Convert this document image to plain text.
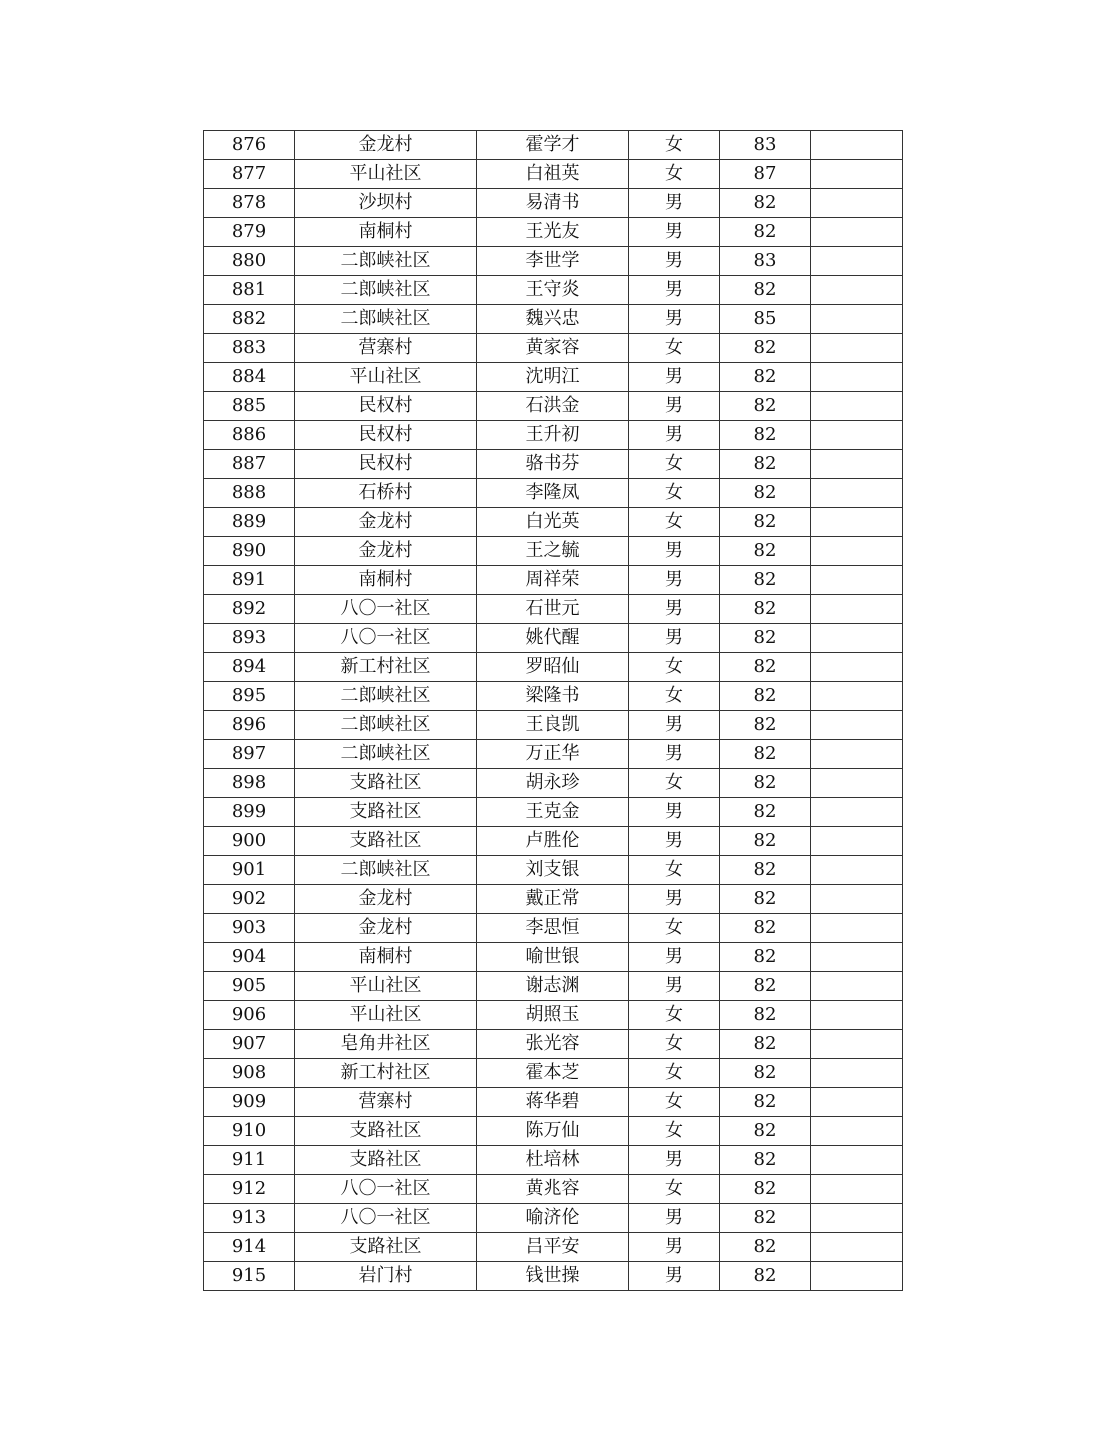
876	金龙村	霍学才	女	83	
877	平山社区	白祖英	女	87	
878	沙坝村	易清书	男	82	
879	南桐村	王光友	男	82	
880	二郎峡社区	李世学	男	83	
881	二郎峡社区	王守炎	男	82	
882	二郎峡社区	魏兴忠	男	85	
883	营寨村	黄家容	女	82	
884	平山社区	沈明江	男	82	
885	民权村	石洪金	男	82	
886	民权村	王升初	男	82	
887	民权村	骆书芬	女	82	
888	石桥村	李隆凤	女	82	
889	金龙村	白光英	女	82	
890	金龙村	王之毓	男	82	
891	南桐村	周祥荣	男	82	
892	八〇一社区	石世元	男	82	
893	八〇一社区	姚代醒	男	82	
894	新工村社区	罗昭仙	女	82	
895	二郎峡社区	梁隆书	女	82	
896	二郎峡社区	王良凯	男	82	
897	二郎峡社区	万正华	男	82	
898	支路社区	胡永珍	女	82	
899	支路社区	王克金	男	82	
900	支路社区	卢胜伦	男	82	
901	二郎峡社区	刘支银	女	82	
902	金龙村	戴正常	男	82	
903	金龙村	李思恒	女	82	
904	南桐村	喻世银	男	82	
905	平山社区	谢志渊	男	82	
906	平山社区	胡照玉	女	82	
907	皂角井社区	张光容	女	82	
908	新工村社区	霍本芝	女	82	
909	营寨村	蒋华碧	女	82	
910	支路社区	陈万仙	女	82	
911	支路社区	杜培林	男	82	
912	八〇一社区	黄兆容	女	82	
913	八〇一社区	喻济伦	男	82	
914	支路社区	吕平安	男	82	
915	岩门村	钱世操	男	82	
